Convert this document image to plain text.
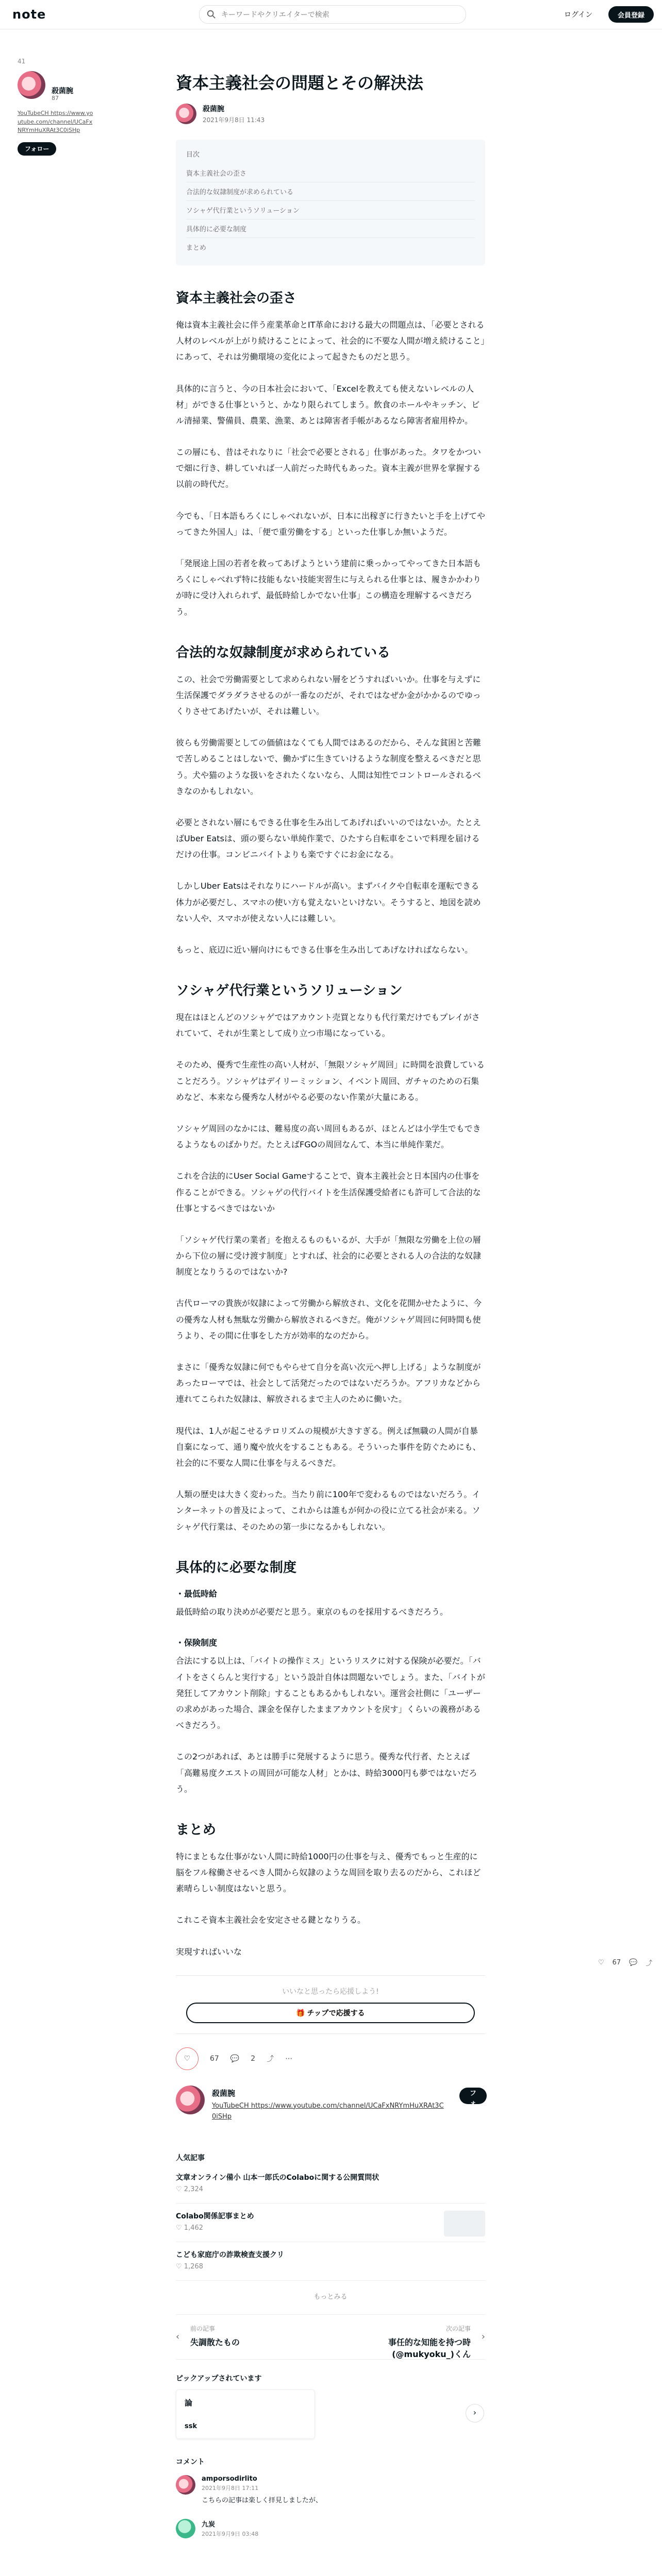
note
キーワードやクリエイターで検索	ログイン	会員登録
41
殺菌腕
87
YouTubeCH https://www.youtube.com/channel/UCaFxNRYmHuXRAt3C0iSHp
フォロー
資本主義社会の問題とその解決法
殺菌腕
2021年9月8日 11:43
目次
資本主義社会の歪さ
合法的な奴隷制度が求められている
ソシャゲ代行業というソリューション
具体的に必要な制度
まとめ
資本主義社会の歪さ

俺は資本主義社会に伴う産業革命とIT革命における最大の問題点は、「必要とされる人材のレベルが上がり続けることによって、社会的に不要な人間が増え続けること」にあって、それは労働環境の変化によって起きたものだと思う。

具体的に言うと、今の日本社会において、「Excelを教えても使えないレベルの人材」ができる仕事というと、かなり限られてしまう。飲食のホールやキッチン、ビル清掃業、警備員、農業、漁業、あとは障害者手帳があるなら障害者雇用枠か。

この層にも、昔はそれなりに「社会で必要とされる」仕事があった。タワをかついで畑に行き、耕していれば一人前だった時代もあった。資本主義が世界を掌握する以前の時代だ。

今でも、「日本語もろくにしゃべれないが、日本に出稼ぎに行きたいと手を上げてやってきた外国人」は、「便で重労働をする」といった仕事しか無いようだ。

「発展途上国の若者を救ってあげようという建前に乗っかってやってきた日本語もろくにしゃべれず特に技能もない技能実習生に与えられる仕事とは、履きかかわりが時に受け入れられず、最低時給しかでない仕事」この構造を理解するべきだろう。

合法的な奴隷制度が求められている

この、社会で労働需要として求められない層をどうすればいいか。仕事を与えずに生活保護でダラダラさせるのが一番なのだが、それではなぜか金がかかるのでゆっくりさせてあげたいが、それは難しい。

彼らも労働需要としての価値はなくても人間ではあるのだから、そんな貧困と苦難で苦しめることはしないで、働かずに生きていけるような制度を整えるべきだと思う。犬や猫のような扱いをされたくないなら、人間は知性でコントロールされるべきなのかもしれない。

必要とされない層にもできる仕事を生み出してあげればいいのではないか。たとえばUber Eatsは、頭の要らない単純作業で、ひたすら自転車をこいで料理を届けるだけの仕事。コンビニバイトよりも楽ですぐにお金になる。

しかしUber Eatsはそれなりにハードルが高い。まずバイクや自転車を運転できる体力が必要だし、スマホの使い方も覚えないといけない。そうすると、地図を読めない人や、スマホが使えない人には難しい。

もっと、底辺に近い層向けにもできる仕事を生み出してあげなければならない。

ソシャゲ代行業というソリューション

現在はほとんどのソシャゲではアカウント売買となりも代行業だけでもプレイがされていて、それが生業として成り立つ市場になっている。

そのため、優秀で生産性の高い人材が、「無限ソシャゲ周回」に時間を浪費していることだろう。ソシャゲはデイリーミッション、イベント周回、ガチャのための石集めなど、本来なら優秀な人材がやる必要のない作業が大量にある。

ソシャゲ周回のなかには、難易度の高い周回もあるが、ほとんどは小学生でもできるようなものばかりだ。たとえばFGOの周回なんて、本当に単純作業だ。

これを合法的にUser Social Gameすることで、資本主義社会と日本国内の仕事を作ることができる。ソシャゲの代行バイトを生活保護受給者にも許可して合法的な仕事とするべきではないか

「ソシャゲ代行業の業者」を抱えるものもいるが、大手が「無限な労働を上位の層から下位の層に受け渡す制度」とすれば、社会的に必要とされる人の合法的な奴隷制度となりうるのではないか?

古代ローマの貴族が奴隷によって労働から解放され、文化を花開かせたように、今の優秀な人材も無駄な労働から解放されるべきだ。俺がソシャゲ周回に何時間も使うより、その間に仕事をした方が効率的なのだから。

まさに「優秀な奴隷に何でもやらせて自分を高い次元へ押し上げる」ような制度があったローマでは、社会として活発だったのではないだろうか。アフリカなどから連れてこられた奴隷は、解放されるまで主人のために働いた。

現代は、1人が起こせるテロリズムの規模が大きすぎる。例えば無職の人間が自暴自棄になって、通り魔や放火をすることもある。そういった事件を防ぐためにも、社会的に不要な人間に仕事を与えるべきだ。

人類の歴史は大きく変わった。当たり前に100年で変わるものではないだろう。インターネットの普及によって、これからは誰もが何かの役に立てる社会が来る。ソシャゲ代行業は、そのための第一歩になるかもしれない。

具体的に必要な制度
・最低時給

最低時給の取り決めが必要だと思う。東京のものを採用するべきだろう。

・保険制度

合法にする以上は、「バイトの操作ミス」というリスクに対する保険が必要だ。「バイトをさくらんと実行する」という設計自体は問題ないでしょう。また、「バイトが発狂してアカウント削除」することもあるかもしれない。運営会社側に「ユーザーの求めがあった場合、課金を保存したままアカウントを戻す」くらいの義務があるべきだろう。

この2つがあれば、あとは勝手に発展するように思う。優秀な代行者、たとえば「高難易度クエストの周回が可能な人材」とかは、時給3000円も夢ではないだろう。

まとめ

特にまともな仕事がない人間に時給1000円の仕事を与え、優秀でもっと生産的に脳をフル稼働させるべき人間から奴隷のような周回を取り去るのだから、これほど素晴らしい制度はないと思う。

これこそ資本主義社会を安定させる鍵となりうる。

実現すればいいな

いいなと思ったら応援しよう!
🎁 チップで応援する
♡	67 💬 2 ⤴ ⋯
殺菌腕
YouTubeCH https://www.youtube.com/channel/UCaFxNRYmHuXRAt3C0iSHp
フォロー
人気記事
文章オンライン備小 山本一郎氏のColaboに関する公開質問状
♡ 2,324
Colabo関係記事まとめ
♡ 1,462
こども家庭庁の詐欺検査支援クリ
♡ 1,268
もっとみる
‹
前の記事
失調散たもの
次の記事
事任的な知能を持つ時(@mukyoku_)くん
›
ピックアップされています
論
ssk
›
コメント
amporsodirlito
2021年9月8日 17:11
こちらの記事は楽しく拝見しましたが、
九炭
2021年9月9日 03:48
♡ 67 💬 ⤴
